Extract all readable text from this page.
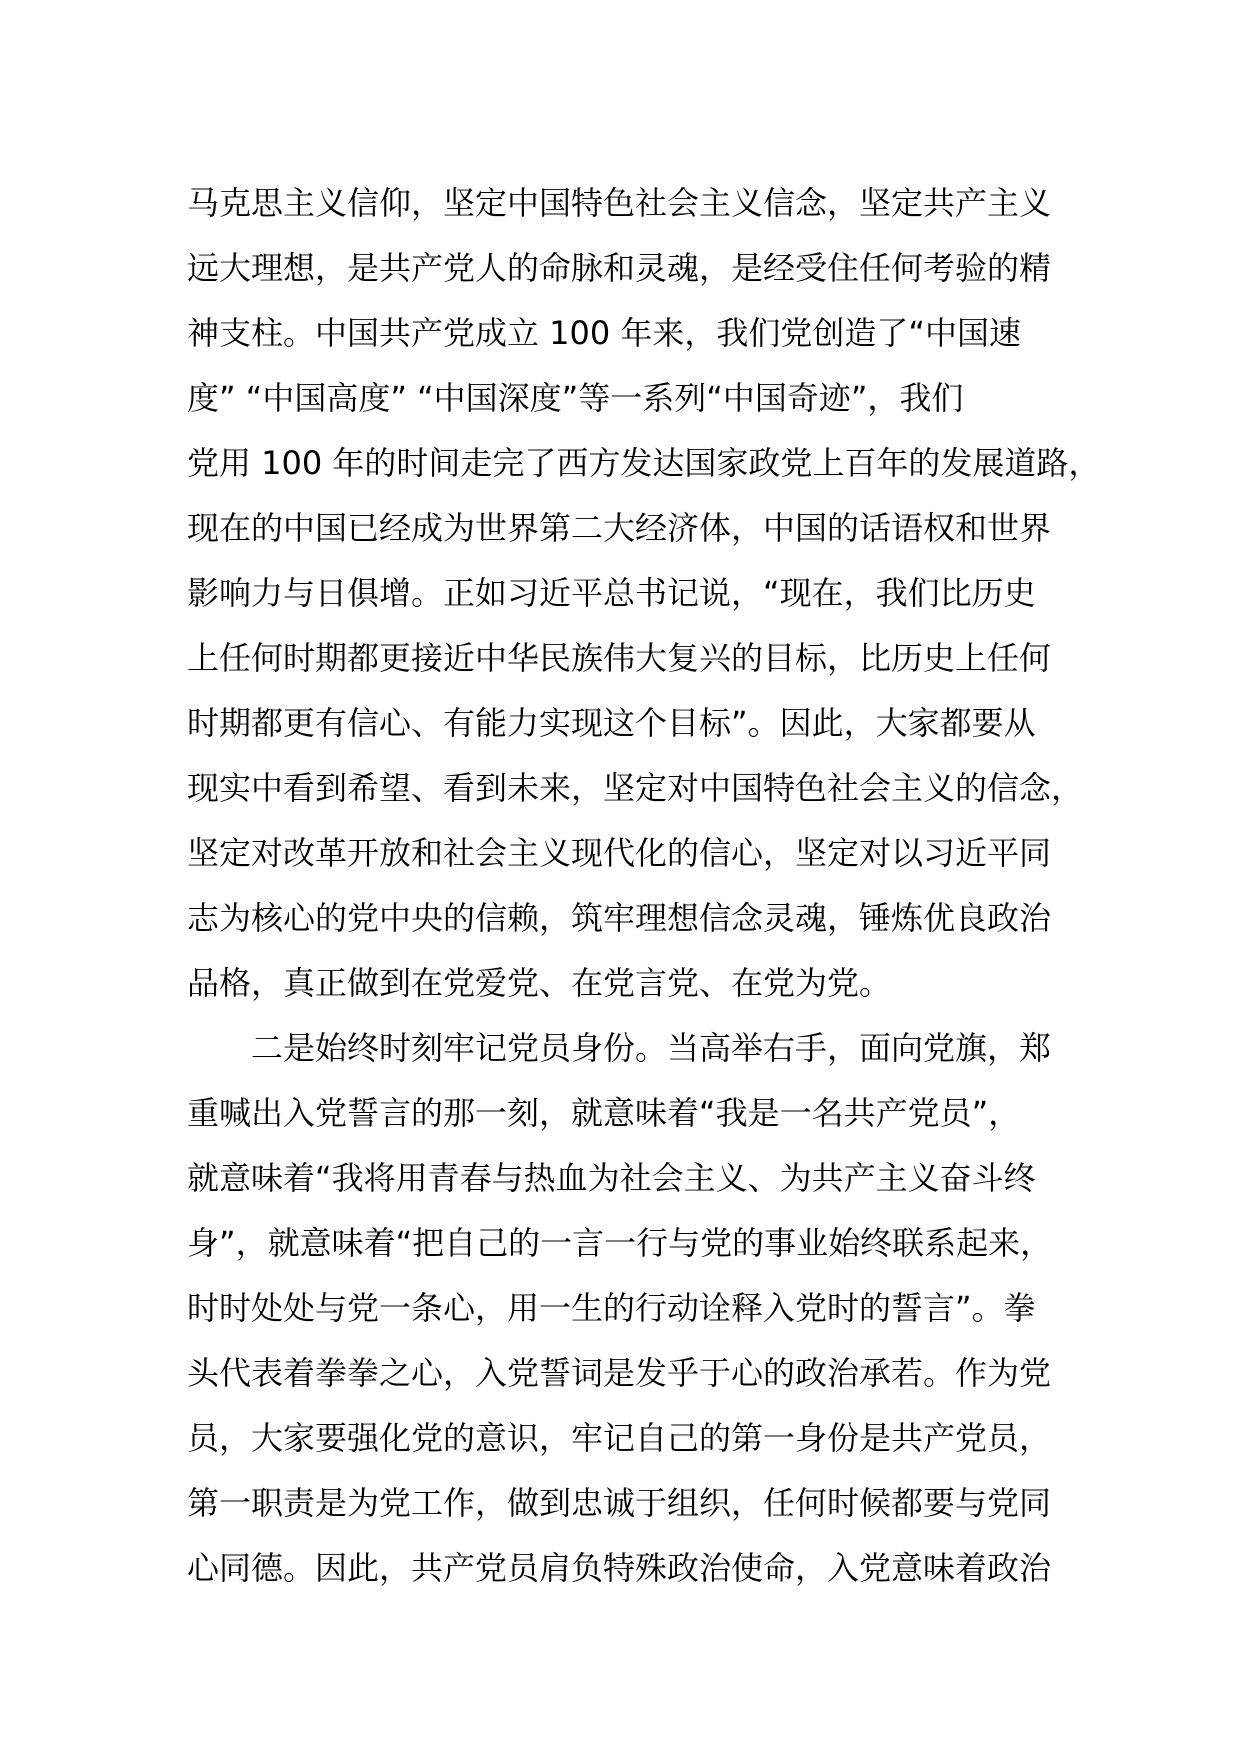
马克思主义信仰，坚定中国特色社会主义信念，坚定共产主义
远大理想，是共产党人的命脉和灵魂，是经受住任何考验的精
神支柱。中国共产党成立 100 年来，我们党创造了“中国速
度” “中国高度” “中国深度”等一系列“中国奇迹”，我们
党用 100 年的时间走完了西方发达国家政党上百年的发展道路，
现在的中国已经成为世界第二大经济体，中国的话语权和世界
影响力与日俱增。正如习近平总书记说，“现在，我们比历史
上任何时期都更接近中华民族伟大复兴的目标，比历史上任何
时期都更有信心、有能力实现这个目标”。因此，大家都要从
现实中看到希望、看到未来，坚定对中国特色社会主义的信念，
坚定对改革开放和社会主义现代化的信心，坚定对以习近平同
志为核心的党中央的信赖，筑牢理想信念灵魂，锤炼优良政治
品格，真正做到在党爱党、在党言党、在党为党。
二是始终时刻牢记党员身份。当高举右手，面向党旗，郑
重喊出入党誓言的那一刻，就意味着“我是一名共产党员”，
就意味着“我将用青春与热血为社会主义、为共产主义奋斗终
身”，就意味着“把自己的一言一行与党的事业始终联系起来，
时时处处与党一条心，用一生的行动诠释入党时的誓言”。拳
头代表着拳拳之心，入党誓词是发乎于心的政治承若。作为党
员，大家要强化党的意识，牢记自己的第一身份是共产党员，
第一职责是为党工作，做到忠诚于组织，任何时候都要与党同
心同德。因此，共产党员肩负特殊政治使命，入党意味着政治
